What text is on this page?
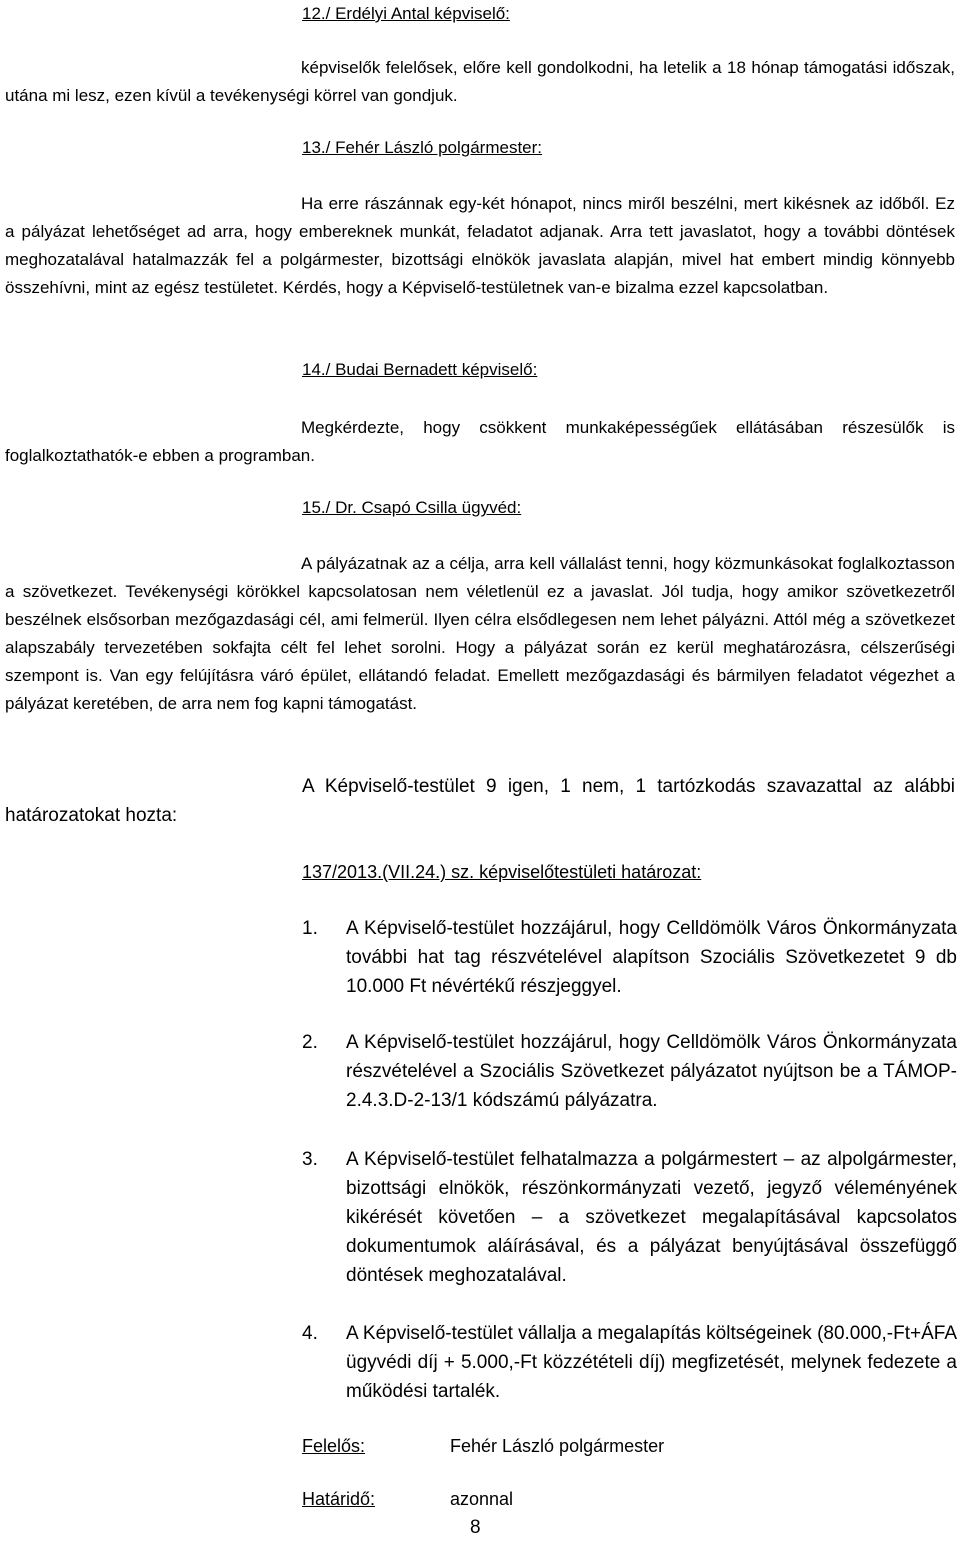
12./ Erdélyi Antal képviselő:

képviselők felelősek, előre kell gondolkodni, ha letelik a 18 hónap támogatási időszak, utána mi lesz, ezen kívül a tevékenységi körrel van gondjuk.

13./ Fehér László polgármester:

Ha erre rászánnak egy-két hónapot, nincs miről beszélni, mert kikésnek az időből. Ez a pályázat lehetőséget ad arra, hogy embereknek munkát, feladatot adjanak. Arra tett javaslatot, hogy a további döntések meghozatalával hatalmazzák fel a polgármester, bizottsági elnökök javaslata alapján, mivel hat embert mindig könnyebb összehívni, mint az egész testületet. Kérdés, hogy a Képviselő-testületnek van-e bizalma ezzel kapcsolatban.

14./ Budai Bernadett képviselő:

Megkérdezte, hogy csökkent munkaképességűek ellátásában részesülők is foglalkoztathatók-e ebben a programban.

15./ Dr. Csapó Csilla ügyvéd:

A pályázatnak az a célja, arra kell vállalást tenni, hogy közmunkásokat foglalkoztasson a szövetkezet. Tevékenységi körökkel kapcsolatosan nem véletlenül ez a javaslat. Jól tudja, hogy amikor szövetkezetről beszélnek elsősorban mezőgazdasági cél, ami felmerül. Ilyen célra elsődlegesen nem lehet pályázni. Attól még a szövetkezet alapszabály tervezetében sokfajta célt fel lehet sorolni. Hogy a pályázat során ez kerül meghatározásra, célszerűségi szempont is. Van egy felújításra váró épület, ellátandó feladat. Emellett mezőgazdasági és bármilyen feladatot végezhet a pályázat keretében, de arra nem fog kapni támogatást.

A Képviselő-testület 9 igen, 1 nem, 1 tartózkodás szavazattal az alábbi
határozatokat hozta:
137/2013.(VII.24.) sz. képviselőtestületi határozat:
1. A Képviselő-testület hozzájárul, hogy Celldömölk Város Önkormányzata további hat tag részvételével alapítson Szociális Szövetkezetet 9 db 10.000 Ft névértékű részjeggyel.
2. A Képviselő-testület hozzájárul, hogy Celldömölk Város Önkormányzata részvételével a Szociális Szövetkezet pályázatot nyújtson be a TÁMOP-2.4.3.D-2-13/1 kódszámú pályázatra.
3. A Képviselő-testület felhatalmazza a polgármestert – az alpolgármester, bizottsági elnökök, részönkormányzati vezető, jegyző véleményének kikérését követően – a szövetkezet megalapításával kapcsolatos dokumentumok aláírásával, és a pályázat benyújtásával összefüggő döntések meghozatalával.
4. A Képviselő-testület vállalja a megalapítás költségeinek (80.000,-Ft+ÁFA ügyvédi díj + 5.000,-Ft közzétételi díj) megfizetését, melynek fedezete a működési tartalék.
Felelős:	Fehér László polgármester
Határidő:	azonnal
8
